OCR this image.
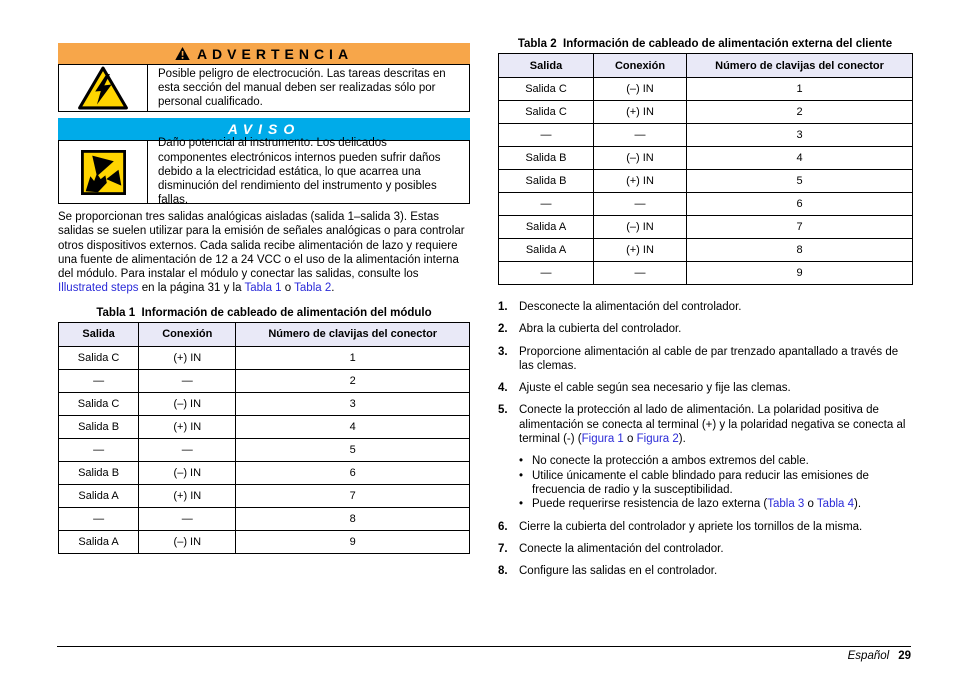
ADVERTENCIA
Posible peligro de electrocución. Las tareas descritas en esta sección del manual deben ser realizadas sólo por personal cualificado.
AVISO
Daño potencial al instrumento. Los delicados componentes electrónicos internos pueden sufrir daños debido a la electricidad estática, lo que acarrea una disminución del rendimiento del instrumento y posibles fallas.
Se proporcionan tres salidas analógicas aisladas (salida 1–salida 3). Estas salidas se suelen utilizar para la emisión de señales analógicas o para controlar otros dispositivos externos. Cada salida recibe alimentación de lazo y requiere una fuente de alimentación de 12 a 24 VCC o el uso de la alimentación interna del módulo. Para instalar el módulo y conectar las salidas, consulte los Illustrated steps en la página 31 y la Tabla 1 o Tabla 2.
Tabla 1  Información de cableado de alimentación del módulo
Salida	Conexión	Número de clavijas del conector
Salida C	(+) IN	1
—	—	2
Salida C	(–) IN	3
Salida B	(+) IN	4
—	—	5
Salida B	(–) IN	6
Salida A	(+) IN	7
—	—	8
Salida A	(–) IN	9
Tabla 2  Información de cableado de alimentación externa del cliente
Salida	Conexión	Número de clavijas del conector
Salida C	(–) IN	1
Salida C	(+) IN	2
—	—	3
Salida B	(–) IN	4
Salida B	(+) IN	5
—	—	6
Salida A	(–) IN	7
Salida A	(+) IN	8
—	—	9
1. Desconecte la alimentación del controlador.
2. Abra la cubierta del controlador.
3. Proporcione alimentación al cable de par trenzado apantallado a través de las clemas.
4. Ajuste el cable según sea necesario y fije las clemas.
5. Conecte la protección al lado de alimentación. La polaridad positiva de alimentación se conecta al terminal (+) y la polaridad negativa se conecta al terminal (-) (Figura 1 o Figura 2).
•
No conecte la protección a ambos extremos del cable.
•
Utilice únicamente el cable blindado para reducir las emisiones de frecuencia de radio y la susceptibilidad.
•
Puede requerirse resistencia de lazo externa (Tabla 3 o Tabla 4).
6. Cierre la cubierta del controlador y apriete los tornillos de la misma.
7. Conecte la alimentación del controlador.
8. Configure las salidas en el controlador.
Español 29
